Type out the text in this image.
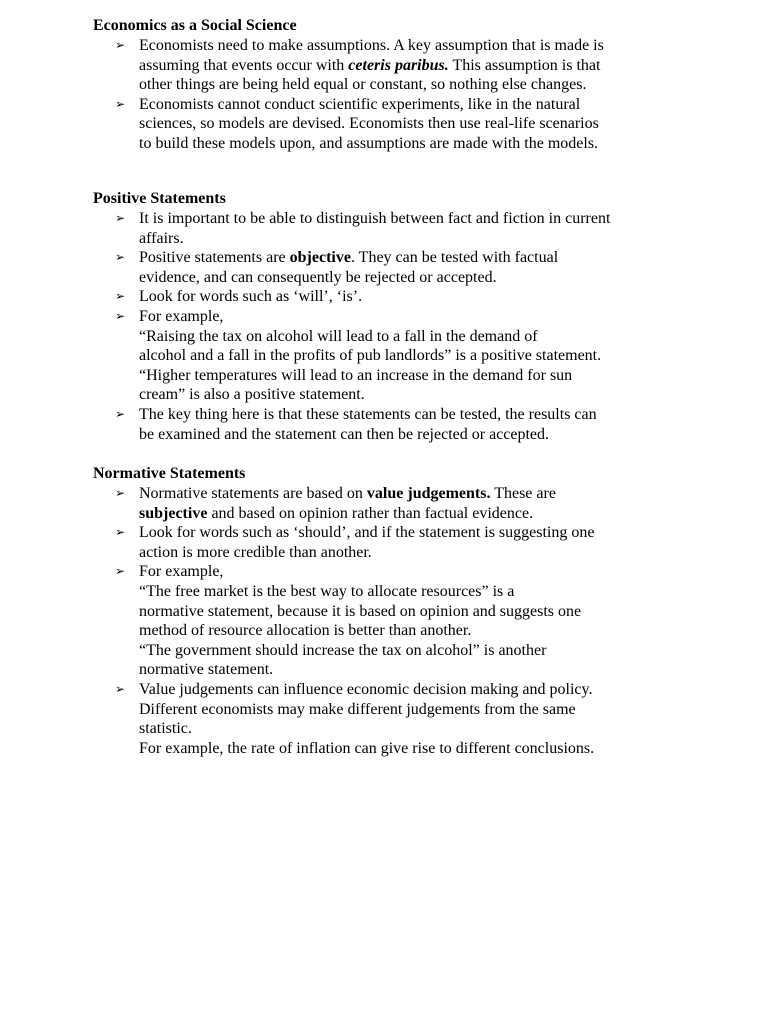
Economics as a Social Science
➢ Economists need to make assumptions. A key assumption that is made is
assuming that events occur with ceteris paribus. This assumption is that
other things are being held equal or constant, so nothing else changes.
➢ Economists cannot conduct scientific experiments, like in the natural
sciences, so models are devised. Economists then use real-life scenarios
to build these models upon, and assumptions are made with the models.
Positive Statements
➢ It is important to be able to distinguish between fact and fiction in current
affairs.
➢ Positive statements are objective. They can be tested with factual
evidence, and can consequently be rejected or accepted.
➢ Look for words such as ‘will’, ‘is’.
➢ For example,
“Raising the tax on alcohol will lead to a fall in the demand of
alcohol and a fall in the profits of pub landlords” is a positive statement.
“Higher temperatures will lead to an increase in the demand for sun
cream” is also a positive statement.
➢ The key thing here is that these statements can be tested, the results can
be examined and the statement can then be rejected or accepted.
Normative Statements
➢ Normative statements are based on value judgements. These are
subjective and based on opinion rather than factual evidence.
➢ Look for words such as ‘should’, and if the statement is suggesting one
action is more credible than another.
➢ For example,
“The free market is the best way to allocate resources” is a
normative statement, because it is based on opinion and suggests one
method of resource allocation is better than another.
“The government should increase the tax on alcohol” is another
normative statement.
➢ Value judgements can influence economic decision making and policy.
Different economists may make different judgements from the same
statistic.
For example, the rate of inflation can give rise to different conclusions.
